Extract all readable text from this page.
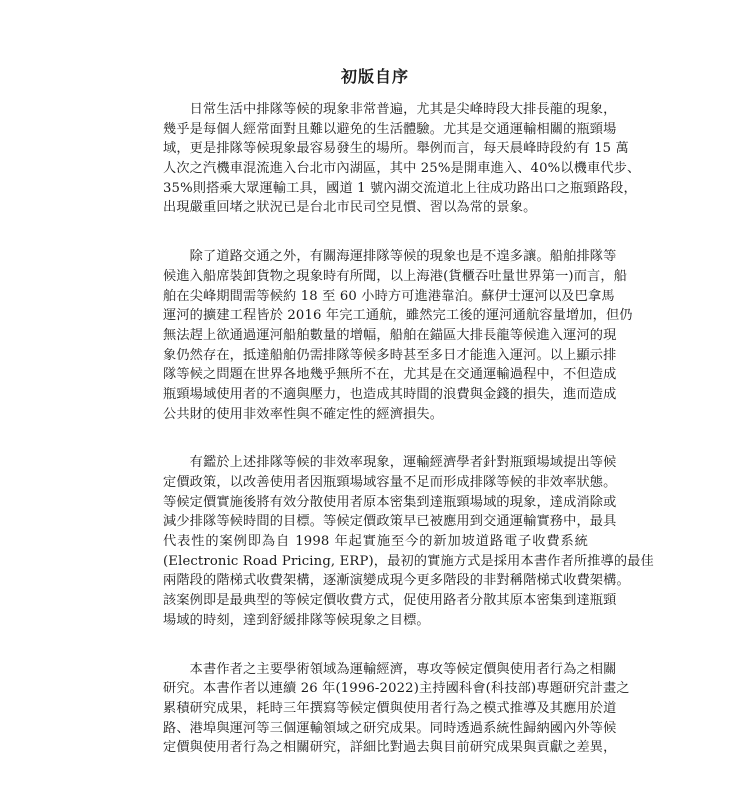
初版自序
　　日常生活中排隊等候的現象非常普遍，尤其是尖峰時段大排長龍的現象，
幾乎是每個人經常面對且難以避免的生活體驗。尤其是交通運輸相關的瓶頸場
域，更是排隊等候現象最容易發生的場所。舉例而言，每天晨峰時段約有 15 萬
人次之汽機車混流進入台北市內湖區，其中 25%是開車進入、40%以機車代步、
35%則搭乘大眾運輸工具，國道 1 號內湖交流道北上往成功路出口之瓶頸路段，
出現嚴重回堵之狀況已是台北市民司空見慣、習以為常的景象。
　　除了道路交通之外，有關海運排隊等候的現象也是不遑多讓。船舶排隊等
候進入船席裝卸貨物之現象時有所聞，以上海港(貨櫃吞吐量世界第一)而言，船
舶在尖峰期間需等候約 18 至 60 小時方可進港靠泊。蘇伊士運河以及巴拿馬
運河的擴建工程皆於 2016 年完工通航，雖然完工後的運河通航容量增加，但仍
無法趕上欲通過運河船舶數量的增幅，船舶在錨區大排長龍等候進入運河的現
象仍然存在，抵達船舶仍需排隊等候多時甚至多日才能進入運河。以上顯示排
隊等候之問題在世界各地幾乎無所不在，尤其是在交通運輸過程中，不但造成
瓶頸場域使用者的不適與壓力，也造成其時間的浪費與金錢的損失，進而造成
公共財的使用非效率性與不確定性的經濟損失。
　　有鑑於上述排隊等候的非效率現象，運輸經濟學者針對瓶頸場域提出等候
定價政策，以改善使用者因瓶頸場域容量不足而形成排隊等候的非效率狀態。
等候定價實施後將有效分散使用者原本密集到達瓶頸場域的現象，達成消除或
減少排隊等候時間的目標。等候定價政策早已被應用到交通運輸實務中，最具
代表性的案例即為自 1998 年起實施至今的新加坡道路電子收費系統
(Electronic Road Pricing, ERP)，最初的實施方式是採用本書作者所推導的最佳
兩階段的階梯式收費架構，逐漸演變成現今更多階段的非對稱階梯式收費架構。
該案例即是最典型的等候定價收費方式，促使用路者分散其原本密集到達瓶頸
場域的時刻，達到舒緩排隊等候現象之目標。
　　本書作者之主要學術領域為運輸經濟，專攻等候定價與使用者行為之相關
研究。本書作者以連續 26 年(1996-2022)主持國科會(科技部)專題研究計畫之
累積研究成果，耗時三年撰寫等候定價與使用者行為之模式推導及其應用於道
路、港埠與運河等三個運輸領域之研究成果。同時透過系統性歸納國內外等候
定價與使用者行為之相關研究，詳細比對過去與目前研究成果與貢獻之差異，
